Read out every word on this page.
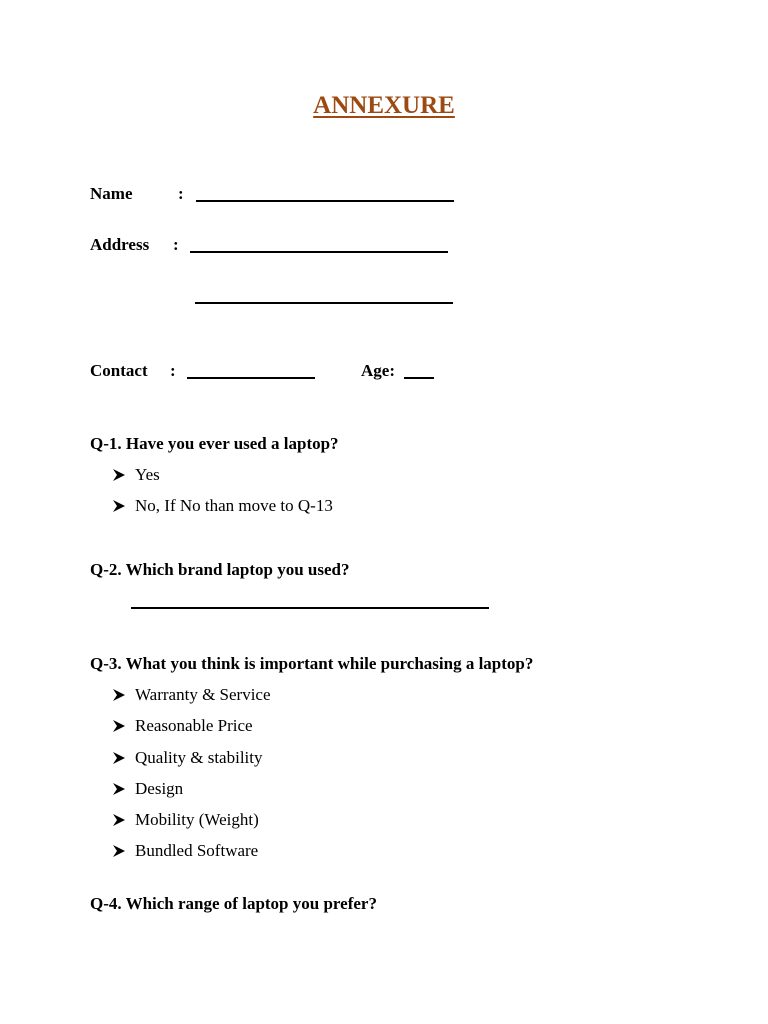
ANNEXURE
Name	:
Address :
Contact :	Age:
Q-1. Have you ever used a laptop?
Yes
No, If No than move to Q-13
Q-2. Which brand laptop you used?
Q-3. What you think is important while purchasing a laptop?
Warranty & Service
Reasonable Price
Quality & stability
Design
Mobility (Weight)
Bundled Software
Q-4. Which range of laptop you prefer?
